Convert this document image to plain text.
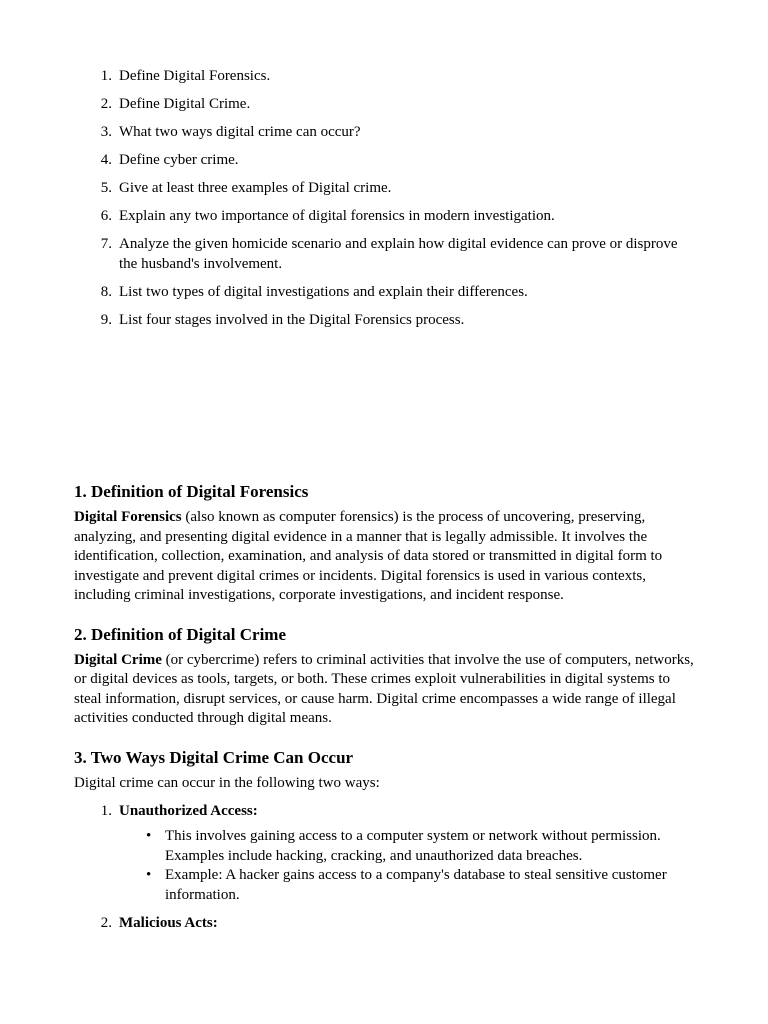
1. Define Digital Forensics.
2. Define Digital Crime.
3. What two ways digital crime can occur?
4. Define cyber crime.
5. Give at least three examples of Digital crime.
6. Explain any two importance of digital forensics in modern investigation.
7. Analyze the given homicide scenario and explain how digital evidence can prove or disprove the husband's involvement.
8. List two types of digital investigations and explain their differences.
9. List four stages involved in the Digital Forensics process.
1. Definition of Digital Forensics

Digital Forensics (also known as computer forensics) is the process of uncovering, preserving, analyzing, and presenting digital evidence in a manner that is legally admissible. It involves the identification, collection, examination, and analysis of data stored or transmitted in digital form to investigate and prevent digital crimes or incidents. Digital forensics is used in various contexts, including criminal investigations, corporate investigations, and incident response.

2. Definition of Digital Crime

Digital Crime (or cybercrime) refers to criminal activities that involve the use of computers, networks, or digital devices as tools, targets, or both. These crimes exploit vulnerabilities in digital systems to steal information, disrupt services, or cause harm. Digital crime encompasses a wide range of illegal activities conducted through digital means.

3. Two Ways Digital Crime Can Occur

Digital crime can occur in the following two ways:

1. Unauthorized Access:
• This involves gaining access to a computer system or network without permission. Examples include hacking, cracking, and unauthorized data breaches.
• Example: A hacker gains access to a company's database to steal sensitive customer information.
2. Malicious Acts:
